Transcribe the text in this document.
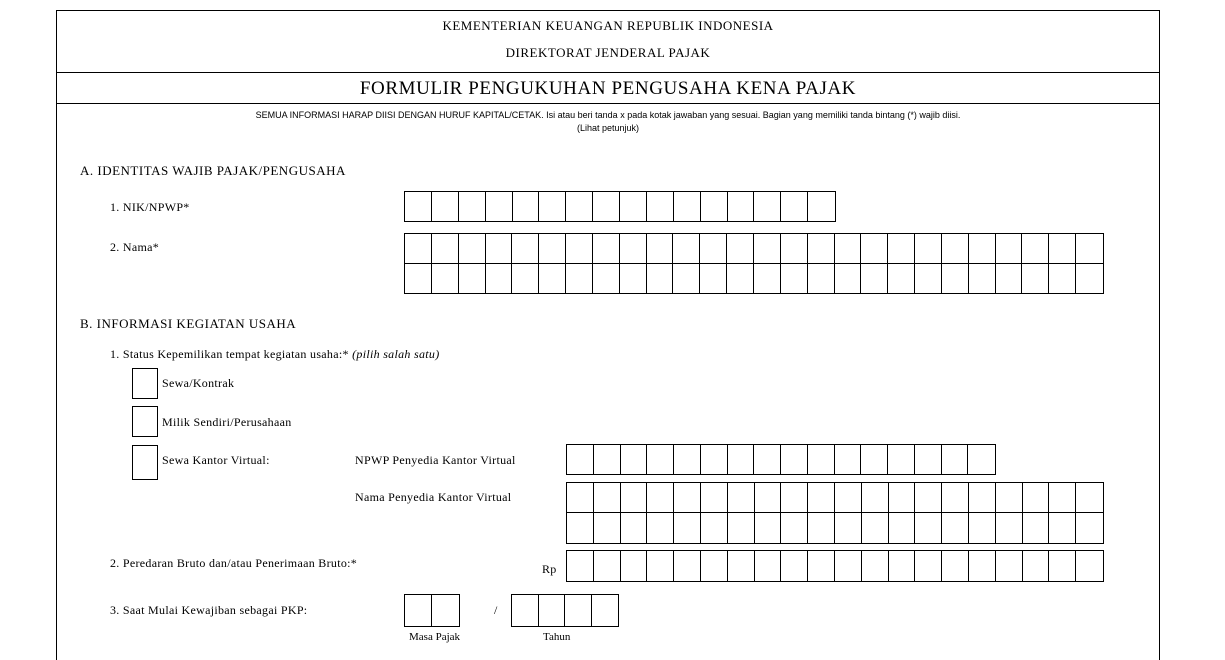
KEMENTERIAN KEUANGAN REPUBLIK INDONESIA
DIREKTORAT JENDERAL PAJAK
FORMULIR PENGUKUHAN PENGUSAHA KENA PAJAK
SEMUA INFORMASI HARAP DIISI DENGAN HURUF KAPITAL/CETAK. Isi atau beri tanda x pada kotak jawaban yang sesuai. Bagian yang memiliki tanda bintang (*) wajib diisi.
(Lihat petunjuk)
A. IDENTITAS WAJIB PAJAK/PENGUSAHA
1. NIK/NPWP*
2. Nama*
B. INFORMASI KEGIATAN USAHA
1. Status Kepemilikan tempat kegiatan usaha:* (pilih salah satu)
Sewa/Kontrak
Milik Sendiri/Perusahaan
Sewa Kantor Virtual:	NPWP Penyedia Kantor Virtual
Nama Penyedia Kantor Virtual
2. Peredaran Bruto dan/atau Penerimaan Bruto:*	Rp
3. Saat Mulai Kewajiban sebagai PKP:	/
Masa Pajak	Tahun
